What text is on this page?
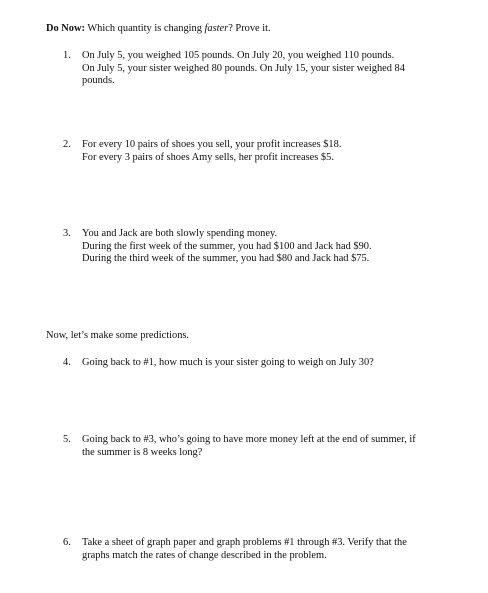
Do Now: Which quantity is changing faster? Prove it.
1. On July 5, you weighed 105 pounds. On July 20, you weighed 110 pounds.
On July 5, your sister weighed 80 pounds. On July 15, your sister weighed 84
pounds.
2. For every 10 pairs of shoes you sell, your profit increases $18.
For every 3 pairs of shoes Amy sells, her profit increases $5.
3. You and Jack are both slowly spending money.
During the first week of the summer, you had $100 and Jack had $90.
During the third week of the summer, you had $80 and Jack had $75.
Now, let’s make some predictions.
4. Going back to #1, how much is your sister going to weigh on July 30?
5. Going back to #3, who’s going to have more money left at the end of summer, if
the summer is 8 weeks long?
6. Take a sheet of graph paper and graph problems #1 through #3. Verify that the
graphs match the rates of change described in the problem.
